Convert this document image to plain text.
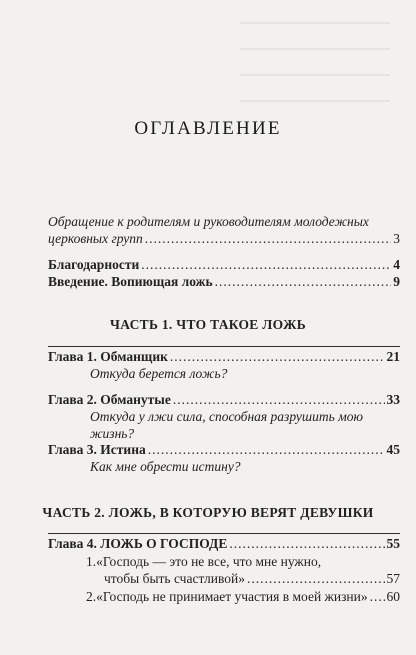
ОГЛАВЛЕНИЕ
Обращение к родителям и руководителям молодежных
церковных групп .....	3
Благодарности .....	4
Введение. Вопиющая ложь .....	9
ЧАСТЬ 1. ЧТО ТАКОЕ ЛОЖЬ
Глава 1. Обманщик .....	21
Откуда берется ложь?
Глава 2. Обманутые .....	33
Откуда у лжи сила, способная разрушить мою жизнь?
Глава 3. Истина .....	45
Как мне обрести истину?
ЧАСТЬ 2. ЛОЖЬ, В КОТОРУЮ ВЕРЯТ ДЕВУШКИ
Глава 4. ЛОЖЬ О ГОСПОДЕ .....	55
1.«Господь — это не все, что мне нужно,
чтобы быть счастливой» .....	57
2.«Господь не принимает участия в моей жизни» ..... 60
